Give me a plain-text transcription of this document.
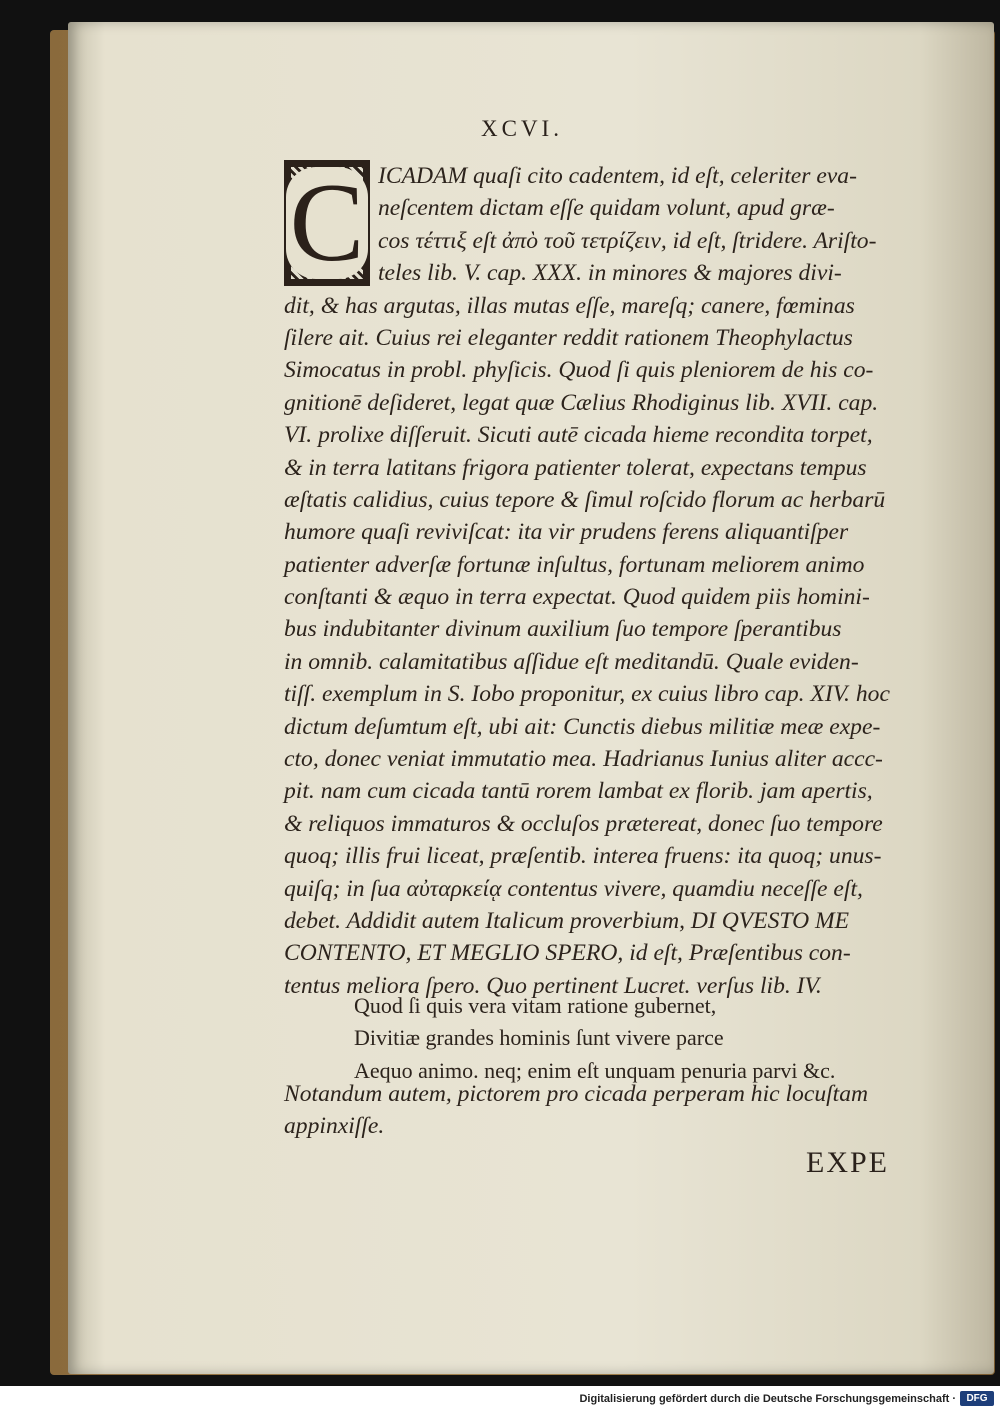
XCVI.
C ICADAM quaſi cito cadentem, id eſt, celeriter eva-
neſcentem dictam eſſe quidam volunt, apud græ-
cos τέττιξ eſt ἀπὸ τοῦ τετρίζειν, id eſt, ſtridere. Ariſto-
teles lib. V. cap. XXX. in minores & majores divi-
dit, & has argutas, illas mutas eſſe, mareſq; canere, fœminas
ſilere ait. Cuius rei eleganter reddit rationem Theophylactus
Simocatus in probl. phyſicis. Quod ſi quis pleniorem de his co-
gnitionē deſideret, legat quæ Cælius Rhodiginus lib. XVII. cap.
VI. prolixe diſſeruit. Sicuti autē cicada hieme recondita torpet,
& in terra latitans frigora patienter tolerat, expectans tempus
æſtatis calidius, cuius tepore & ſimul roſcido florum ac herbarū
humore quaſi reviviſcat: ita vir prudens ferens aliquantiſper
patienter adverſæ fortunæ inſultus, fortunam meliorem animo
conſtanti & æquo in terra expectat. Quod quidem piis homini-
bus indubitanter divinum auxilium ſuo tempore ſperantibus
in omnib. calamitatibus aſſidue eſt meditandū. Quale eviden-
tiſſ. exemplum in S. Iobo proponitur, ex cuius libro cap. XIV. hoc
dictum deſumtum eſt, ubi ait: Cunctis diebus militiæ meæ expe-
cto, donec veniat immutatio mea. Hadrianus Iunius aliter accc-
pit. nam cum cicada tantū rorem lambat ex florib. jam apertis,
& reliquos immaturos & occluſos prætereat, donec ſuo tempore
quoq; illis frui liceat, præſentib. interea fruens: ita quoq; unus-
quiſq; in ſua αὐταρκείᾳ contentus vivere, quamdiu neceſſe eſt,
debet. Addidit autem Italicum proverbium, DI QVESTO ME
CONTENTO, ET MEGLIO SPERO, id eſt, Præſentibus con-
tentus meliora ſpero. Quo pertinent Lucret. verſus lib. IV.
Quod ſi quis vera vitam ratione gubernet,
Divitiæ grandes hominis ſunt vivere parce
Aequo animo. neq; enim eſt unquam penuria parvi &c.
Notandum autem, pictorem pro cicada perperam hic locuſtam
appinxiſſe.
EXPE
Digitalisierung gefördert durch die Deutsche Forschungsgemeinschaft ·	DFG
